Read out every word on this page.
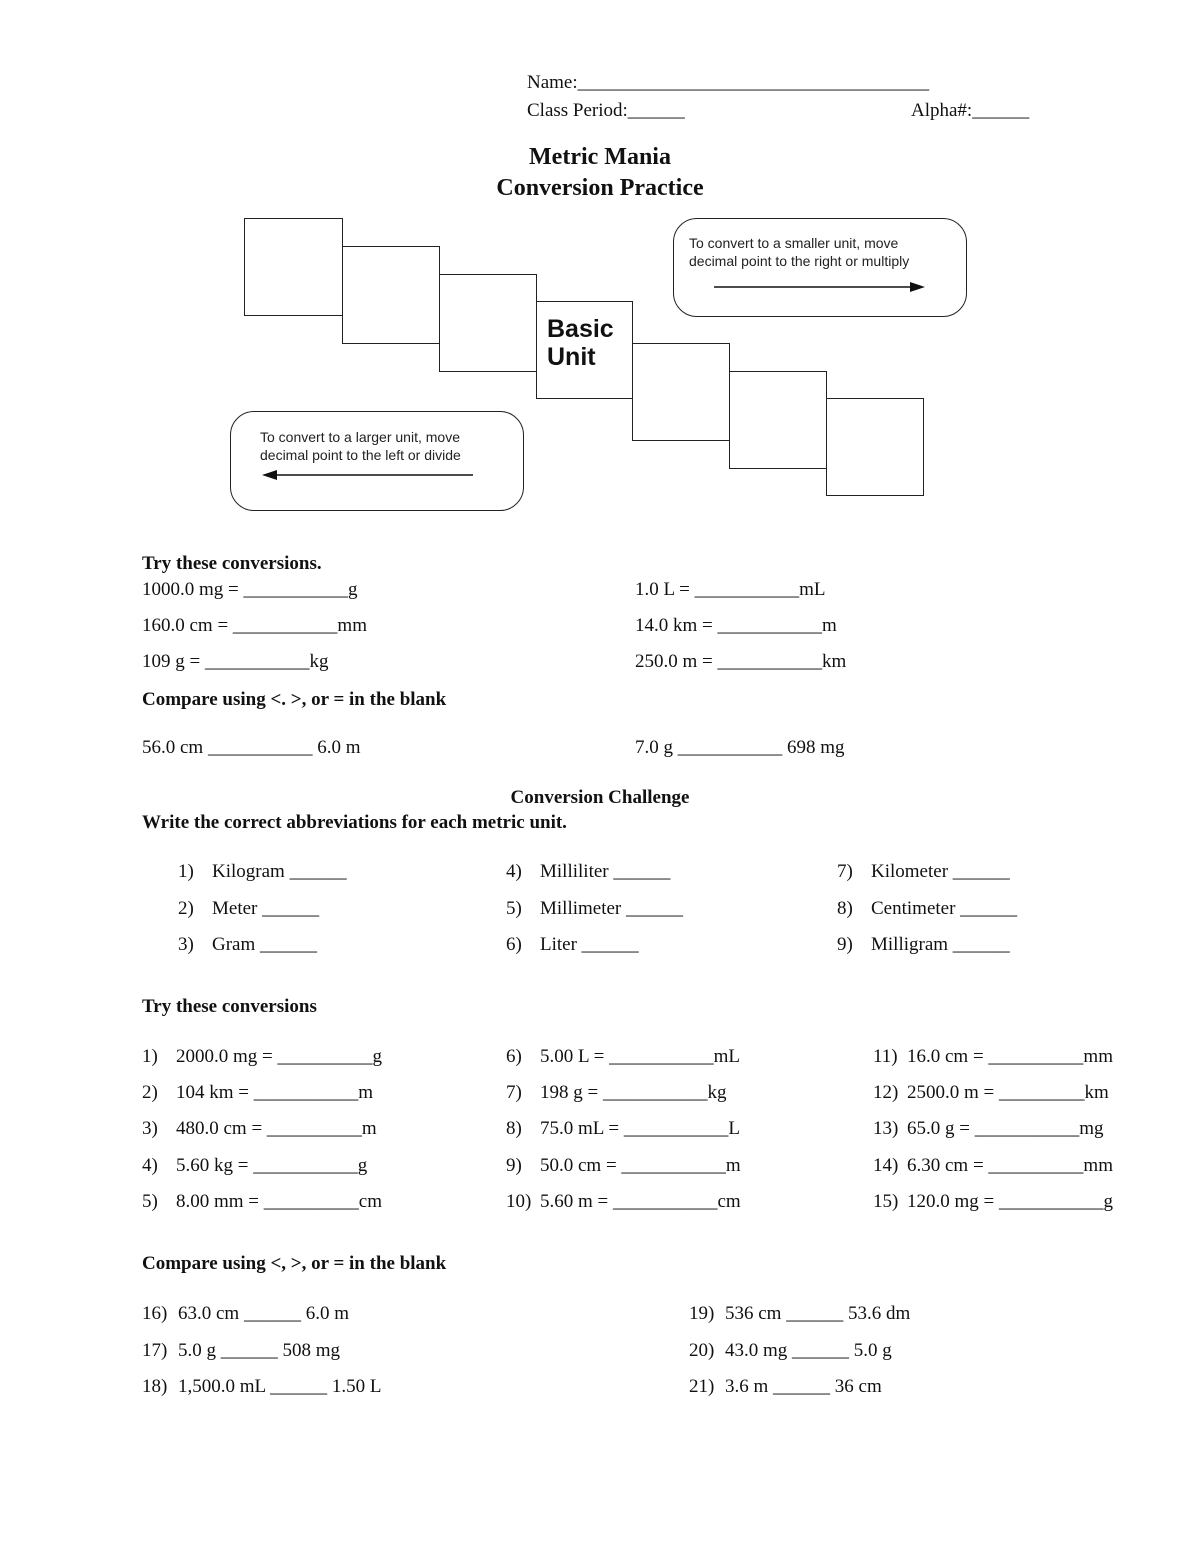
Name:_____________________________________
Class Period:______	Alpha#:______
Metric Mania
Conversion Practice
Basic
Unit
To convert to a smaller unit, move
decimal point to the right or multiply
To convert to a larger unit, move
decimal point to the left or divide
Try these conversions.
1000.0 mg = ___________g
160.0 cm = ___________mm
109 g = ___________kg
1.0 L = ___________mL
14.0 km = ___________m
250.0 m = ___________km
Compare using <. >, or = in the blank
56.0 cm ___________ 6.0 m	7.0 g ___________ 698 mg
Conversion Challenge
Write the correct abbreviations for each metric unit.
1) Kilogram ______
2) Meter ______
3) Gram ______
4) Milliliter ______
5) Millimeter ______
6) Liter ______
7) Kilometer ______
8) Centimeter ______
9) Milligram ______
Try these conversions
1) 2000.0 mg = __________g
2) 104 km = ___________m
3) 480.0 cm = __________m
4) 5.60 kg = ___________g
5) 8.00 mm = __________cm
6) 5.00 L = ___________mL
7) 198 g = ___________kg
8) 75.0 mL = ___________L
9) 50.0 cm = ___________m
10) 5.60 m = ___________cm
11) 16.0 cm = __________mm
12) 2500.0 m = _________km
13) 65.0 g = ___________mg
14) 6.30 cm = __________mm
15) 120.0 mg = ___________g
Compare using <, >, or = in the blank
16) 63.0 cm ______ 6.0 m
17) 5.0 g ______ 508 mg
18) 1,500.0 mL ______ 1.50 L
19) 536 cm ______ 53.6 dm
20) 43.0 mg ______ 5.0 g
21) 3.6 m ______ 36 cm
